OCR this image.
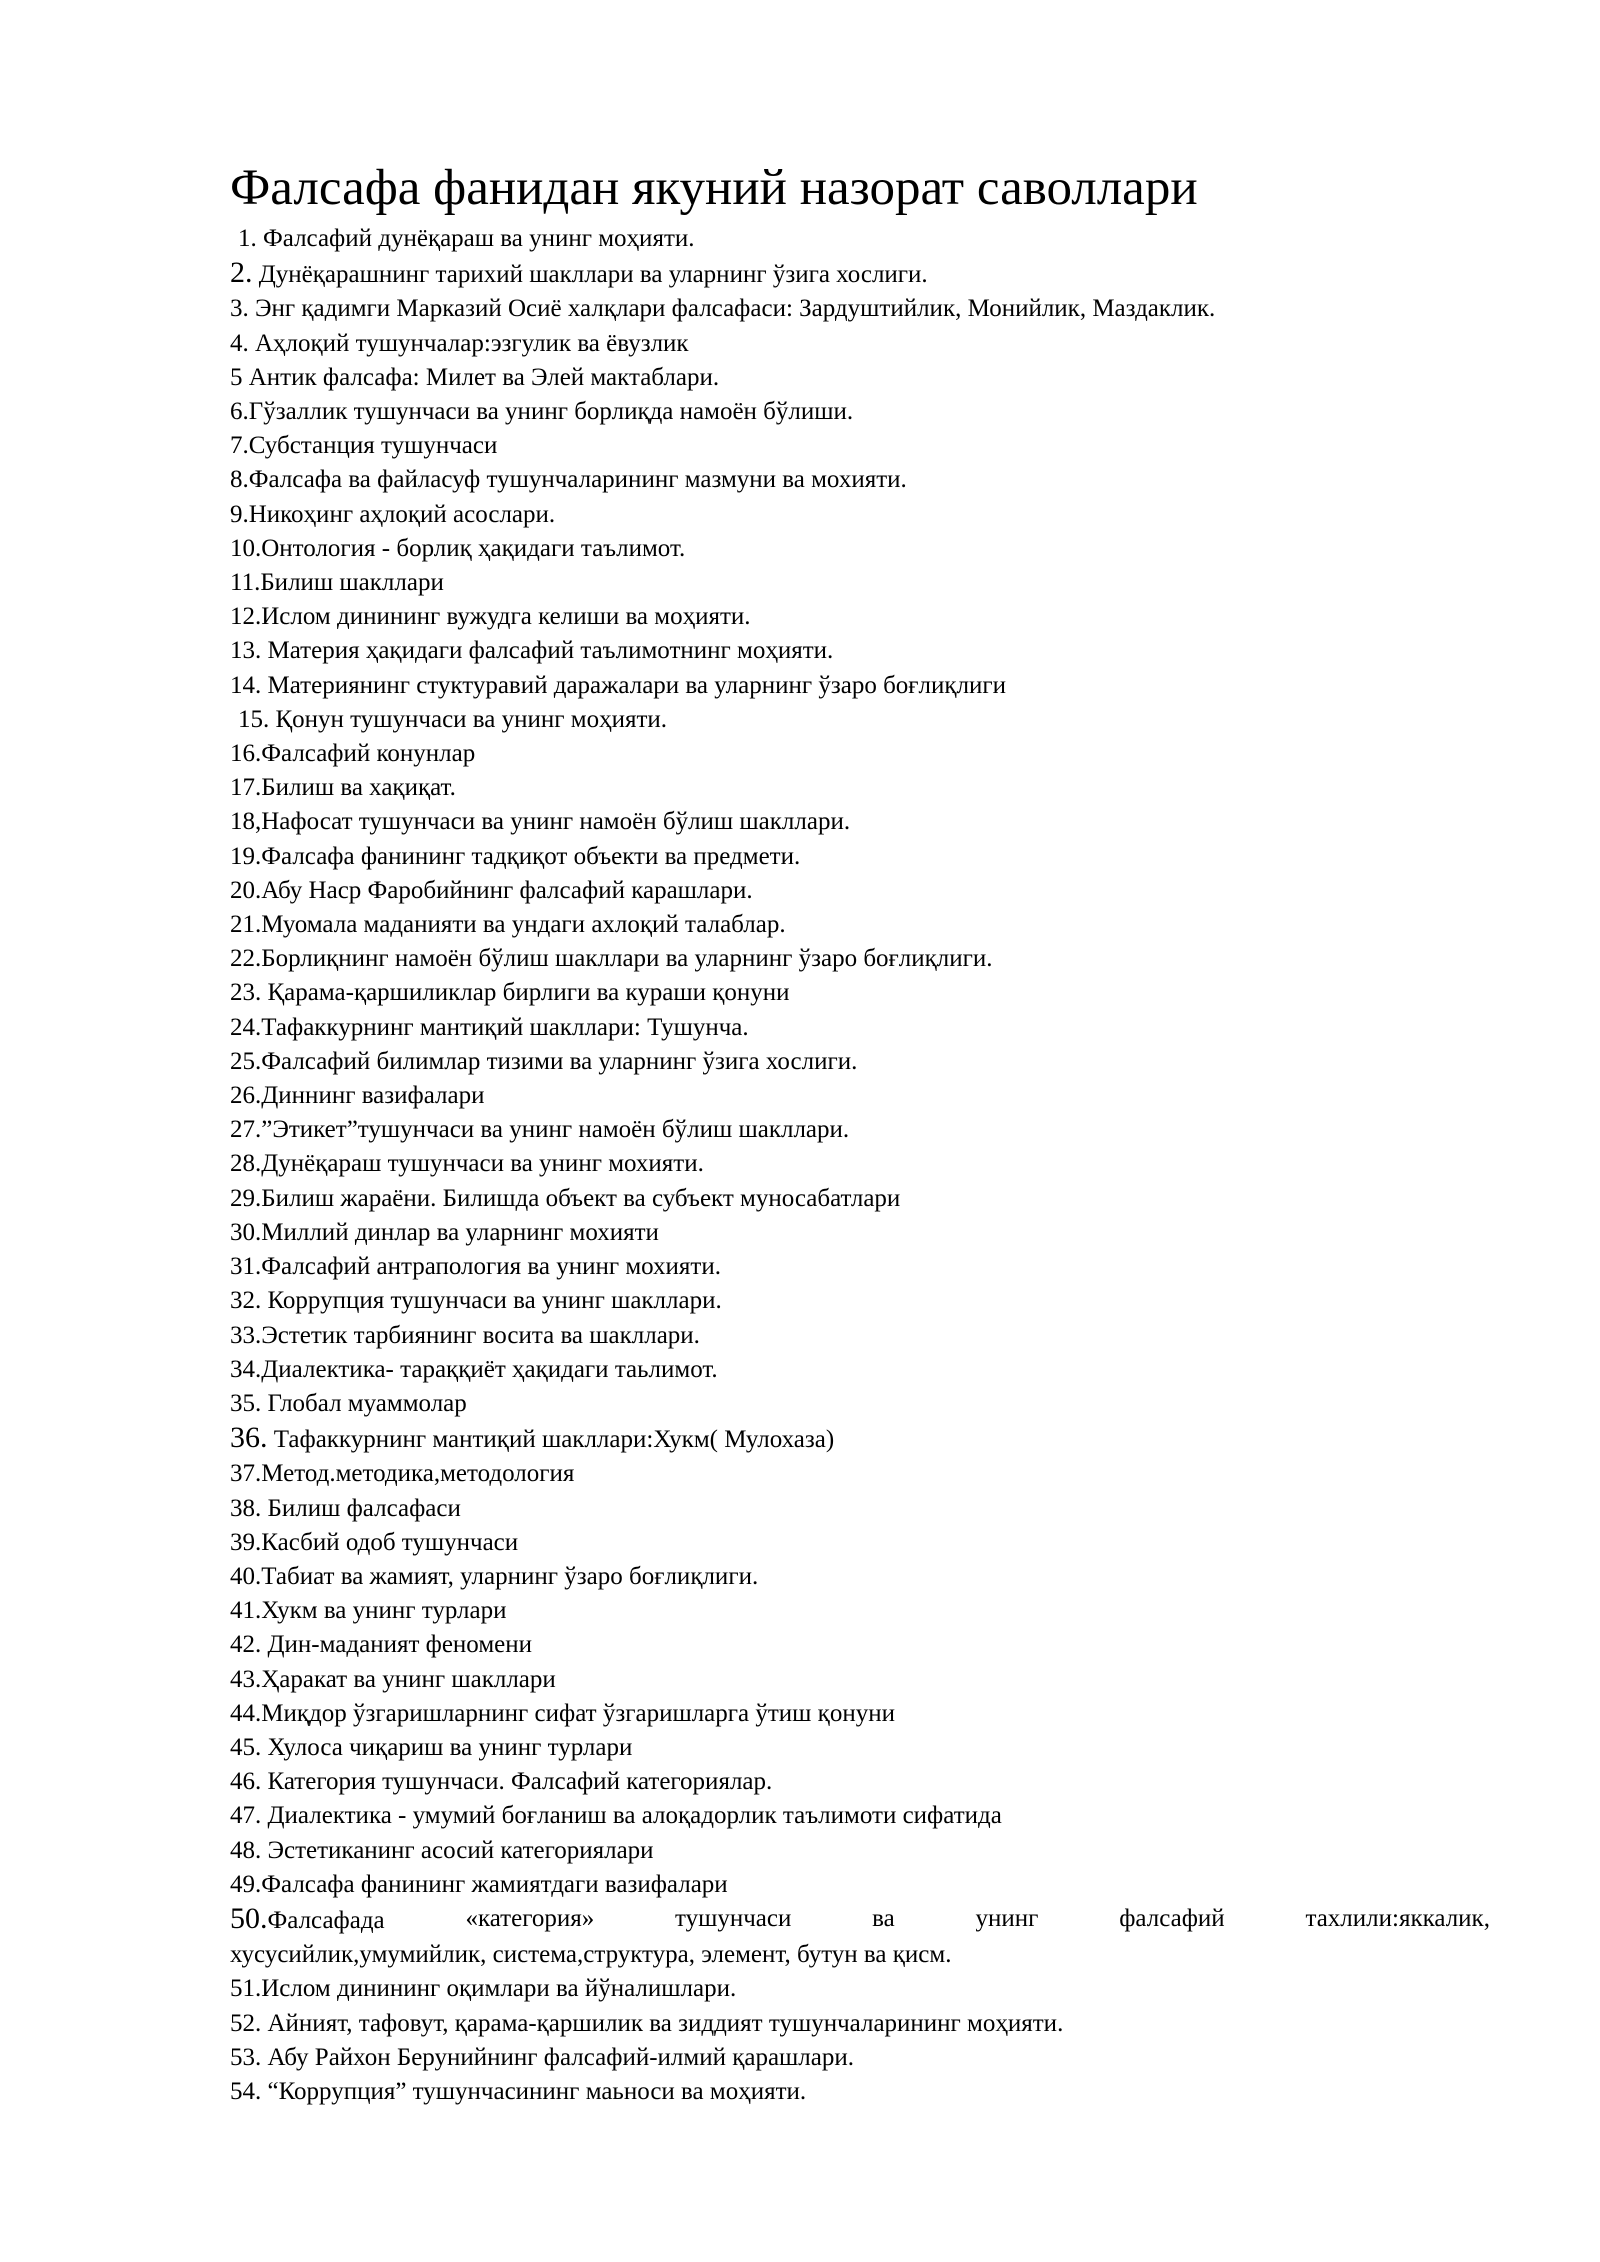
Фалсафа фанидан якуний назорат саволлари
1. Фалсафий дунёқараш ва унинг моҳияти.
2. Дунёқарашнинг тарихий шакллари ва уларнинг ўзига хослиги.
3. Энг қадимги Марказий Осиё халқлари фалсафаси: Зардуштийлик, Монийлик, Маздаклик.
4. Аҳлоқий тушунчалар:эзгулик ва ёвузлик
5 Антик фалсафа: Милет ва Элей мактаблари.
6.Гўзаллик тушунчаси ва унинг борлиқда намоён бўлиши.
7.Субстанция тушунчаси
8.Фалсафа ва файласуф тушунчаларининг мазмуни ва мохияти.
9.Никоҳинг аҳлоқий асослари.
10.Онтология - борлиқ ҳақидаги таълимот.
11.Билиш шакллари
12.Ислом динининг вужудга келиши ва моҳияти.
13. Материя ҳақидаги фалсафий таълимотнинг моҳияти.
14. Материянинг стуктуравий даражалари ва уларнинг ўзаро боғлиқлиги
15. Қонун тушунчаси ва унинг моҳияти.
16.Фалсафий конунлар
17.Билиш ва хақиқат.
18,Нафосат тушунчаси ва унинг намоён бўлиш шакллари.
19.Фалсафа фанининг тадқиқот объекти ва предмети.
20.Абу Наср Фаробийнинг фалсафий карашлари.
21.Муомала маданияти ва ундаги ахлоқий талаблар.
22.Борлиқнинг намоён бўлиш шакллари ва уларнинг ўзаро боғлиқлиги.
23. Қарама-қаршиликлар бирлиги ва кураши қонуни
24.Тафаккурнинг мантиқий шакллари: Тушунча.
25.Фалсафий билимлар тизими ва уларнинг ўзига хослиги.
26.Диннинг вазифалари
27.”Этикет”тушунчаси ва унинг намоён бўлиш шакллари.
28.Дунёқараш тушунчаси ва унинг мохияти.
29.Билиш жараёни. Билишда объект ва субъект муносабатлари
30.Миллий динлар ва уларнинг мохияти
31.Фалсафий антрапология ва унинг мохияти.
32. Коррупция тушунчаси ва унинг шакллари.
33.Эстетик тарбиянинг восита ва шакллари.
34.Диалектика- тараққиёт ҳақидаги таьлимот.
35. Глобал муаммолар
36. Тафаккурнинг мантиқий шакллари:Хукм( Мулохаза)
37.Метод.методика,методология
38. Билиш фалсафаси
39.Касбий одоб тушунчаси
40.Табиат ва жамият, уларнинг ўзаро боғлиқлиги.
41.Хукм ва унинг турлари
42. Дин-маданият феномени
43.Ҳаракат ва унинг шакллари
44.Миқдор ўзгаришларнинг сифат ўзгаришларга ўтиш қонуни
45. Хулоса чиқариш ва унинг турлари
46. Категория тушунчаси. Фалсафий категориялар.
47. Диалектика - умумий боғланиш ва алоқадорлик таълимоти сифатида
48. Эстетиканинг асосий категориялари
49.Фалсафа фанининг жамиятдаги вазифалари
50.Фалсафада	«категория»	тушунчаси	ва	унинг	фалсафий	тахлили:яккалик,
хусусийлик,умумийлик, система,структура, элемент, бутун ва қисм.
51.Ислом динининг оқимлари ва йўналишлари.
52. Айният, тафовут, қарама-қаршилик ва зиддият тушунчаларининг моҳияти.
53. Абу Райхон Берунийнинг фалсафий-илмий қарашлари.
54. “Коррупция” тушунчасининг маьноси ва моҳияти.
